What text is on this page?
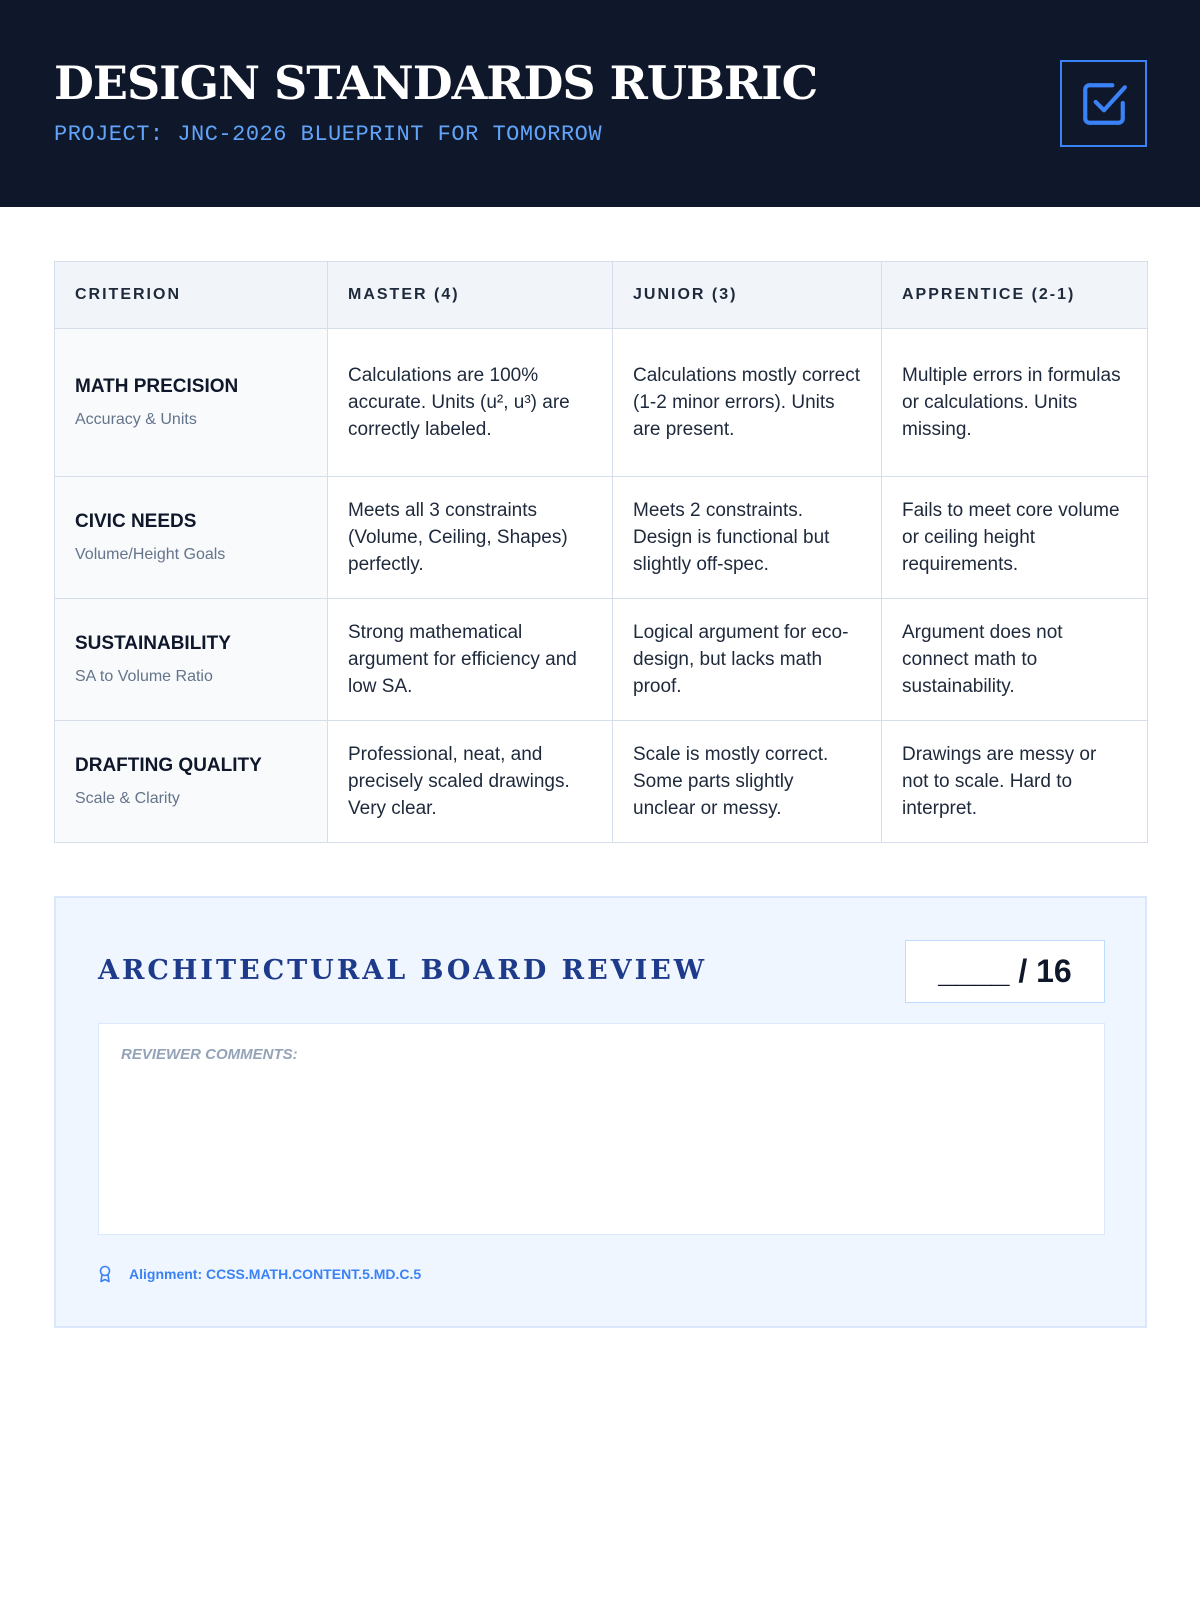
DESIGN STANDARDS RUBRIC
PROJECT: JNC-2026 BLUEPRINT FOR TOMORROW
CRITERION	MASTER (4)	JUNIOR (3)	APPRENTICE (2-1)

MATH PRECISION
Accuracy & Units	Calculations are 100% accurate. Units (u², u³) are correctly labeled.	Calculations mostly correct (1-2 minor errors). Units are present.	Multiple errors in formulas or calculations. Units missing.

CIVIC NEEDS
Volume/Height Goals	Meets all 3 constraints (Volume, Ceiling, Shapes) perfectly.	Meets 2 constraints. Design is functional but slightly off-spec.	Fails to meet core volume or ceiling height requirements.

SUSTAINABILITY
SA to Volume Ratio	Strong mathematical argument for efficiency and low SA.	Logical argument for eco-design, but lacks math proof.	Argument does not connect math to sustainability.

DRAFTING QUALITY
Scale & Clarity	Professional, neat, and precisely scaled drawings. Very clear.	Scale is mostly correct. Some parts slightly unclear or messy.	Drawings are messy or not to scale. Hard to interpret.
ARCHITECTURAL BOARD REVIEW	____ / 16
REVIEWER COMMENTS:
Alignment: CCSS.MATH.CONTENT.5.MD.C.5
